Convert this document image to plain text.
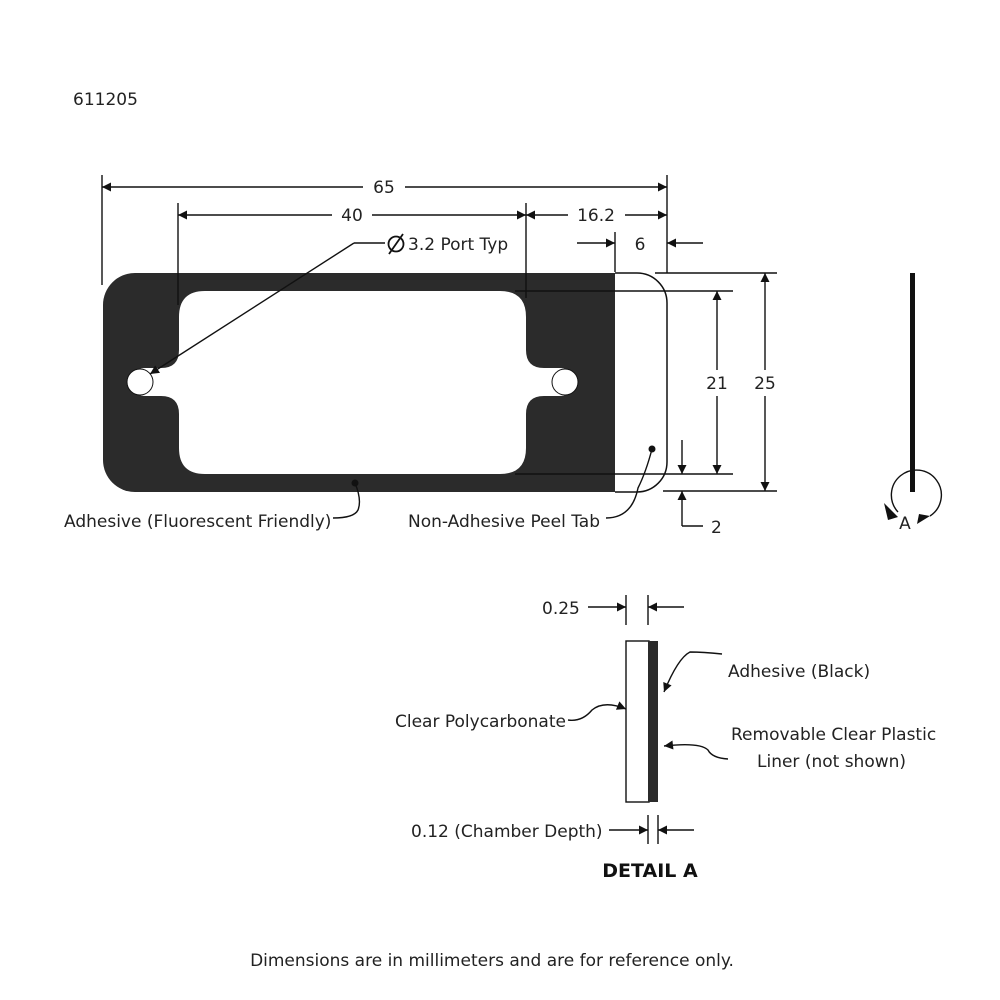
611205
65
40	16.2
6
3.2 Port Typ
21 25
2
Adhesive (Fluorescent Friendly)	Non-Adhesive Peel Tab	A
0.25
Adhesive (Black)
Clear Polycarbonate
Removable Clear Plastic
Liner (not shown)
0.12 (Chamber Depth)
DETAIL A
Dimensions are in millimeters and are for reference only.
